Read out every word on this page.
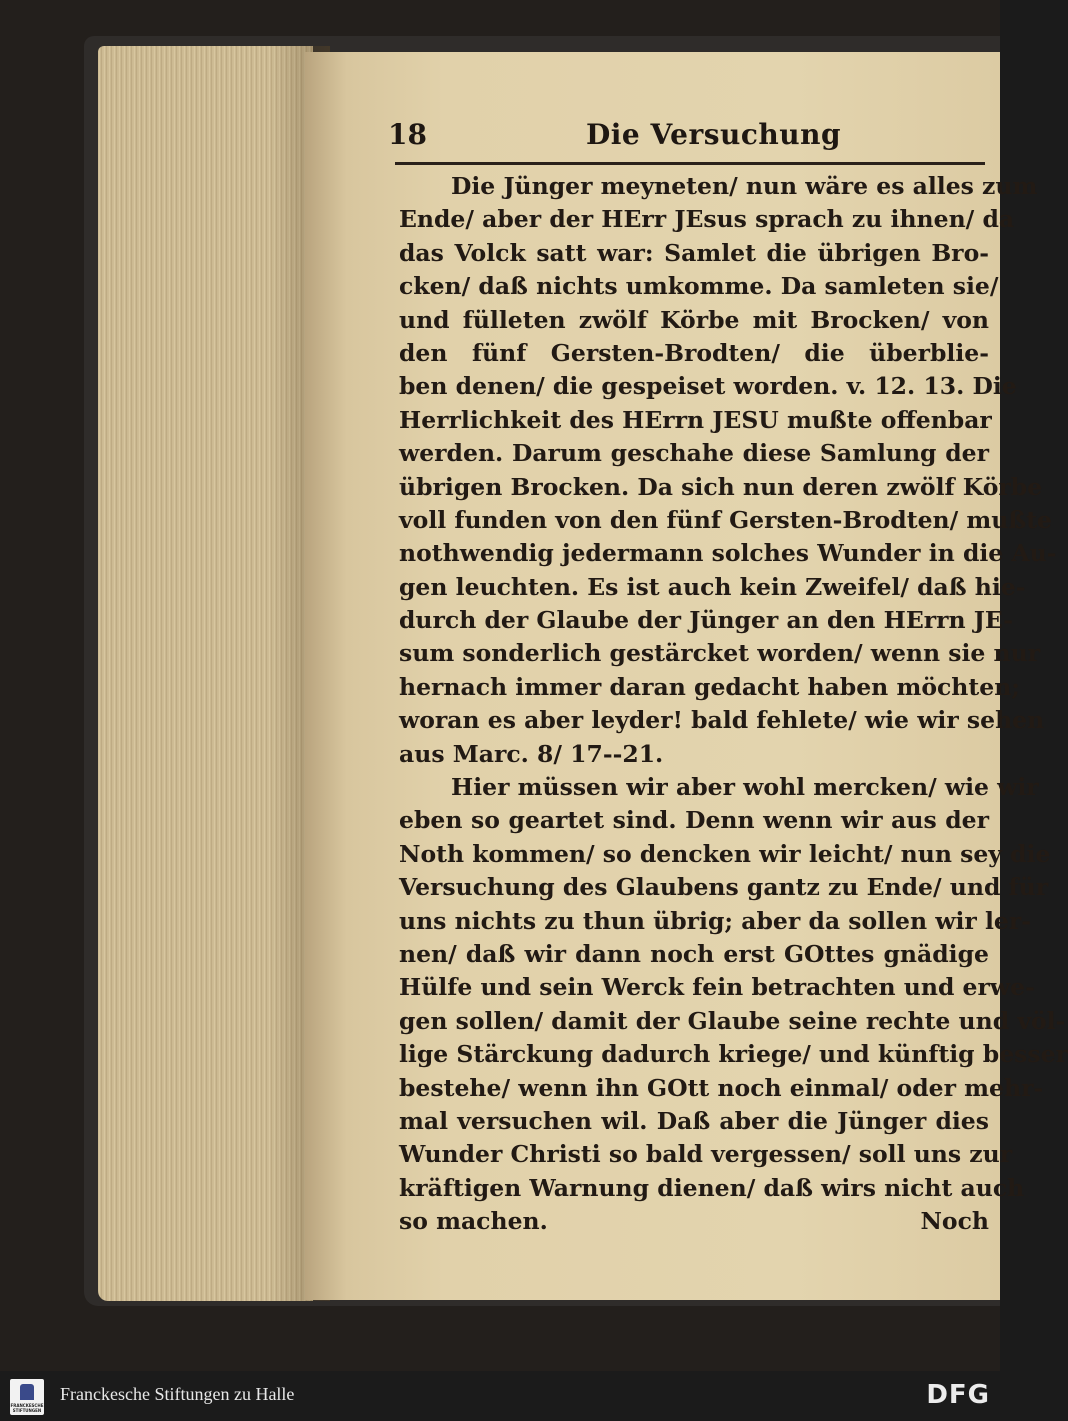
18	Die Versuchung
Die Jünger meyneten/ nun wäre es alles zum
Ende/ aber der HErr JEsus sprach zu ihnen/ da
das Volck satt war: Samlet die übrigen Bro-
cken/ daß nichts umkomme. Da samleten sie/
und fülleten zwölf Körbe mit Brocken/ von
den fünf Gersten-Brodten/ die überblie-
ben denen/ die gespeiset worden. v. 12. 13. Die
Herrlichkeit des HErrn JESU mußte offenbar
werden. Darum geschahe diese Samlung der
übrigen Brocken. Da sich nun deren zwölf Körbe
voll funden von den fünf Gersten-Brodten/ mußte
nothwendig jedermann solches Wunder in die Au-
gen leuchten. Es ist auch kein Zweifel/ daß hie-
durch der Glaube der Jünger an den HErrn JE-
sum sonderlich gestärcket worden/ wenn sie nur
hernach immer daran gedacht haben möchten;
woran es aber leyder! bald fehlete/ wie wir sehen
aus Marc. 8/ 17--21.
Hier müssen wir aber wohl mercken/ wie wir
eben so geartet sind. Denn wenn wir aus der
Noth kommen/ so dencken wir leicht/ nun sey die
Versuchung des Glaubens gantz zu Ende/ und für
uns nichts zu thun übrig; aber da sollen wir ler-
nen/ daß wir dann noch erst GOttes gnädige
Hülfe und sein Werck fein betrachten und erwe-
gen sollen/ damit der Glaube seine rechte und völ-
lige Stärckung dadurch kriege/ und künftig besser
bestehe/ wenn ihn GOtt noch einmal/ oder mehr-
mal versuchen wil. Daß aber die Jünger dies
Wunder Christi so bald vergessen/ soll uns zur
kräftigen Warnung dienen/ daß wirs nicht auch
so machen.	Noch
FRANCKESCHE STIFTUNGEN
Franckesche Stiftungen zu Halle	DFG
